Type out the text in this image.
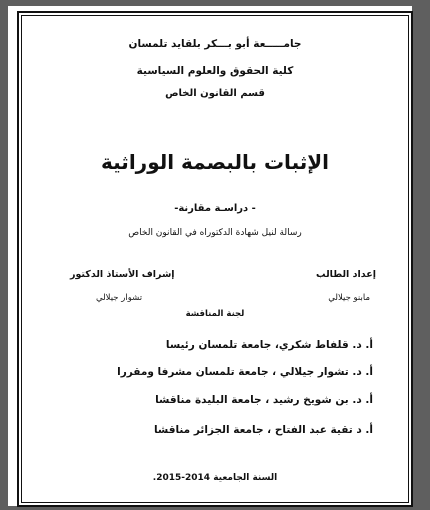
جامـــــعة أبو بـــكر بلقايد تلمسان
كلية الحقوق والعلوم السياسية
قسم القانون الخاص
الإثبات بالبصمة الوراثية
- دراسـة مقارنة-
رسالة لنيل شهادة الدكتوراه في القانون الخاص
إعداد الطالب
إشراف الأستاذ الدكتور
مابنو جيلالي
تشوار جيلالي
لجنة المناقشة
أ. د. قلفاط شكري، جامعة تلمسان رئيسا
أ. د. تشوار جيلالي ، جامعة تلمسان مشرفا ومقررا
أ. د. بن شويخ رشيد ، جامعة البليدة مناقشا
أ. د تقية عبد الفتاح ، جامعة الجزائر مناقشا
السنة الجامعية 2014-2015.
